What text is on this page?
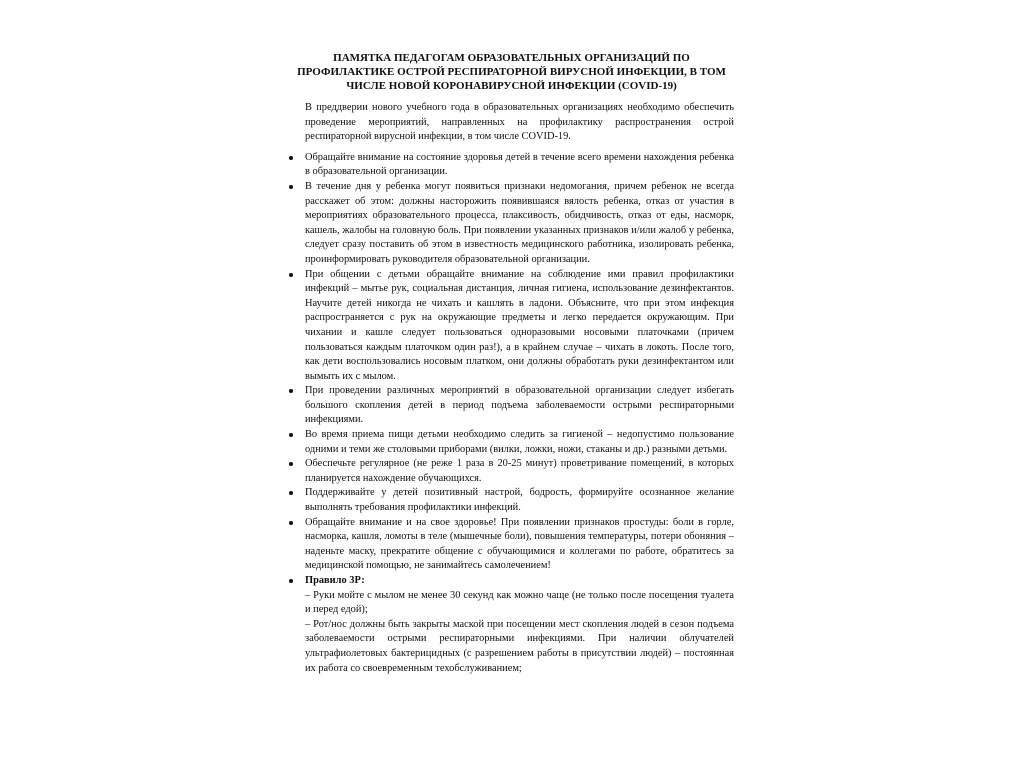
ПАМЯТКА ПЕДАГОГАМ ОБРАЗОВАТЕЛЬНЫХ ОРГАНИЗАЦИЙ ПО
ПРОФИЛАКТИКЕ ОСТРОЙ РЕСПИРАТОРНОЙ ВИРУСНОЙ ИНФЕКЦИИ, В ТОМ
ЧИСЛЕ НОВОЙ КОРОНАВИРУСНОЙ ИНФЕКЦИИ (COVID-19)

В преддверии нового учебного года в образовательных организациях необходимо обеспечить проведение мероприятий, направленных на профилактику распространения острой респираторной вирусной инфекции, в том числе COVID-19.

Обращайте внимание на состояние здоровья детей в течение всего времени нахождения ребенка в образовательной организации.
В течение дня у ребенка могут появиться признаки недомогания, причем ребенок не всегда расскажет об этом: должны насторожить появившаяся вялость ребенка, отказ от участия в мероприятиях образовательного процесса, плаксивость, обидчивость, отказ от еды, насморк, кашель, жалобы на головную боль. При появлении указанных признаков и/или жалоб у ребенка, следует сразу поставить об этом в известность медицинского работника, изолировать ребенка, проинформировать руководителя образовательной организации.
При общении с детьми обращайте внимание на соблюдение ими правил профилактики инфекций – мытье рук, социальная дистанция, личная гигиена, использование дезинфектантов. Научите детей никогда не чихать и кашлять в ладони. Объясните, что при этом инфекция распространяется с рук на окружающие предметы и легко передается окружающим. При чихании и кашле следует пользоваться одноразовыми носовыми платочками (причем пользоваться каждым платочком один раз!), а в крайнем случае – чихать в локоть. После того, как дети воспользовались носовым платком, они должны обработать руки дезинфектантом или вымыть их с мылом.
При проведении различных мероприятий в образовательной организации следует избегать большого скопления детей в период подъема заболеваемости острыми респираторными инфекциями.
Во время приема пищи детьми необходимо следить за гигиеной – недопустимо пользование одними и теми же столовыми приборами (вилки, ложки, ножи, стаканы и др.) разными детьми.
Обеспечьте регулярное (не реже 1 раза в 20-25 минут) проветривание помещений, в которых планируется нахождение обучающихся.
Поддерживайте у детей позитивный настрой, бодрость, формируйте осознанное желание выполнять требования профилактики инфекций.
Обращайте внимание и на свое здоровье! При появлении признаков простуды: боли в горле, насморка, кашля, ломоты в теле (мышечные боли), повышения температуры, потери обоняния – наденьте маску, прекратите общение с обучающимися и коллегами по работе, обратитесь за медицинской помощью, не занимайтесь самолечением!
Правило 3Р:
– Руки мойте с мылом не менее 30 секунд как можно чаще (не только после посещения туалета и перед едой);
– Рот/нос должны быть закрыты маской при посещении мест скопления людей в сезон подъема заболеваемости острыми респираторными инфекциями. При наличии облучателей ультрафиолетовых бактерицидных (с разрешением работы в присутствии людей) – постоянная их работа со своевременным техобслуживанием;
